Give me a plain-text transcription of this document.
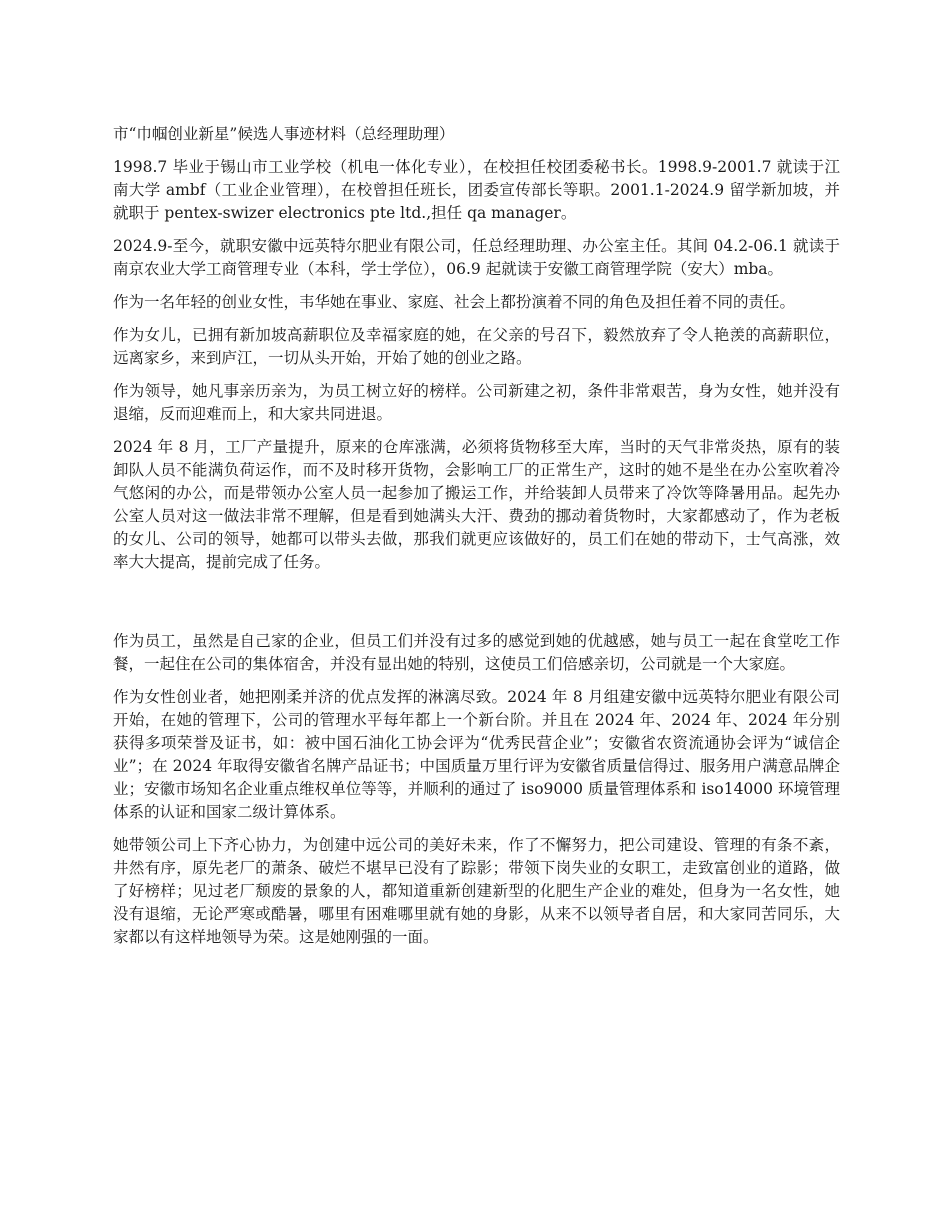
市“巾帼创业新星”候选人事迹材料（总经理助理）

1998.7 毕业于锡山市工业学校（机电一体化专业），在校担任校团委秘书长。1998.9-2001.7 就读于江南大学 ambf（工业企业管理），在校曾担任班长，团委宣传部长等职。2001.1-2024.9 留学新加坡，并就职于 pentex-swizer electronics pte ltd.,担任 qa manager。

2024.9-至今，就职安徽中远英特尔肥业有限公司，任总经理助理、办公室主任。其间 04.2-06.1 就读于南京农业大学工商管理专业（本科，学士学位），06.9 起就读于安徽工商管理学院（安大）mba。

作为一名年轻的创业女性，韦华她在事业、家庭、社会上都扮演着不同的角色及担任着不同的责任。

作为女儿，已拥有新加坡高薪职位及幸福家庭的她，在父亲的号召下，毅然放弃了令人艳羡的高薪职位，远离家乡，来到庐江，一切从头开始，开始了她的创业之路。

作为领导，她凡事亲历亲为，为员工树立好的榜样。公司新建之初，条件非常艰苦，身为女性，她并没有退缩，反而迎难而上，和大家共同进退。

2024 年 8 月，工厂产量提升，原来的仓库涨满，必须将货物移至大库，当时的天气非常炎热，原有的装卸队人员不能满负荷运作，而不及时移开货物，会影响工厂的正常生产，这时的她不是坐在办公室吹着冷气悠闲的办公，而是带领办公室人员一起参加了搬运工作，并给装卸人员带来了冷饮等降暑用品。起先办公室人员对这一做法非常不理解，但是看到她满头大汗、费劲的挪动着货物时，大家都感动了，作为老板的女儿、公司的领导，她都可以带头去做，那我们就更应该做好的，员工们在她的带动下，士气高涨，效率大大提高，提前完成了任务。

作为员工，虽然是自己家的企业，但员工们并没有过多的感觉到她的优越感，她与员工一起在食堂吃工作餐，一起住在公司的集体宿舍，并没有显出她的特别，这使员工们倍感亲切，公司就是一个大家庭。

作为女性创业者，她把刚柔并济的优点发挥的淋漓尽致。2024 年 8 月组建安徽中远英特尔肥业有限公司开始，在她的管理下，公司的管理水平每年都上一个新台阶。并且在 2024 年、2024 年、2024 年分别获得多项荣誉及证书，如：被中国石油化工协会评为“优秀民营企业”；安徽省农资流通协会评为“诚信企业”；在 2024 年取得安徽省名牌产品证书；中国质量万里行评为安徽省质量信得过、服务用户满意品牌企业；安徽市场知名企业重点维权单位等等，并顺利的通过了 iso9000 质量管理体系和 iso14000 环境管理体系的认证和国家二级计算体系。

她带领公司上下齐心协力，为创建中远公司的美好未来，作了不懈努力，把公司建设、管理的有条不紊，井然有序，原先老厂的萧条、破烂不堪早已没有了踪影；带领下岗失业的女职工，走致富创业的道路，做了好榜样；见过老厂颓废的景象的人，都知道重新创建新型的化肥生产企业的难处，但身为一名女性，她没有退缩，无论严寒或酷暑，哪里有困难哪里就有她的身影，从来不以领导者自居，和大家同苦同乐，大家都以有这样地领导为荣。这是她刚强的一面。
